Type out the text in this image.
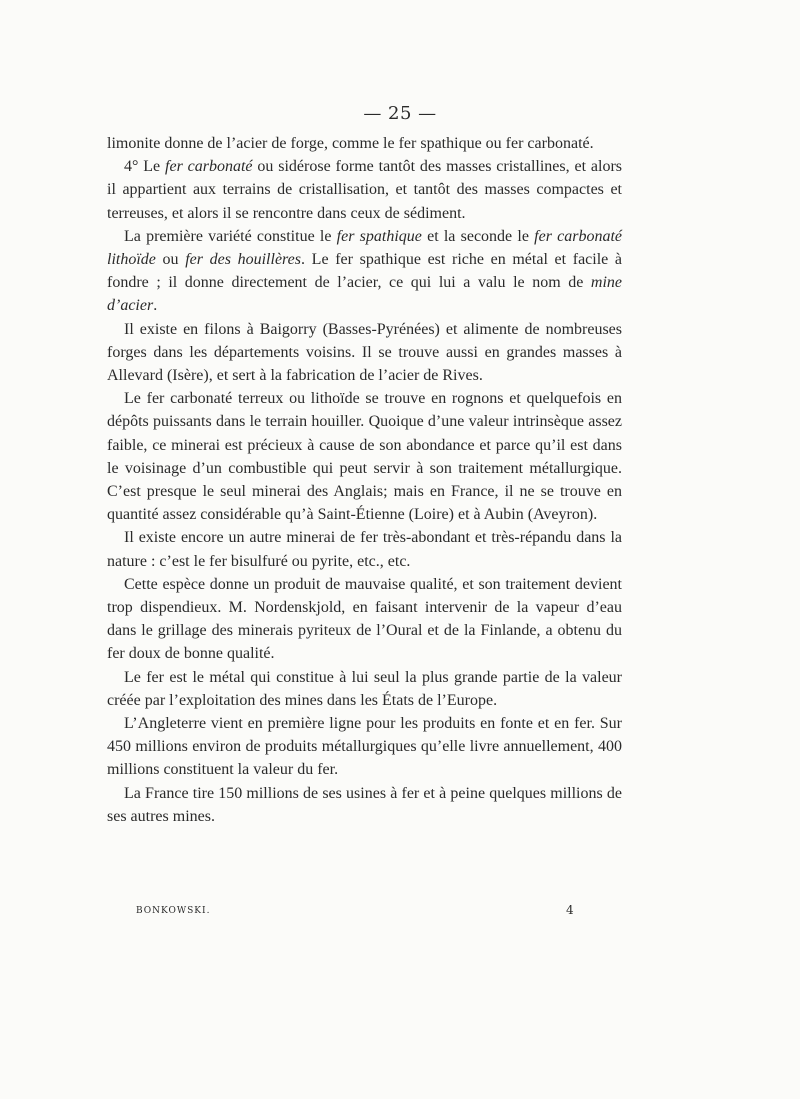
— 25 —

limonite donne de l’acier de forge, comme le fer spathique ou fer carbonaté.

4° Le fer carbonaté ou sidérose forme tantôt des masses cristallines, et alors il appartient aux terrains de cristallisation, et tantôt des masses compactes et terreuses, et alors il se rencontre dans ceux de sédiment.

La première variété constitue le fer spathique et la seconde le fer carbonaté lithoïde ou fer des houillères. Le fer spathique est riche en métal et facile à fondre ; il donne directement de l’acier, ce qui lui a valu le nom de mine d’acier.

Il existe en filons à Baigorry (Basses-Pyrénées) et alimente de nombreuses forges dans les départements voisins. Il se trouve aussi en grandes masses à Allevard (Isère), et sert à la fabrication de l’acier de Rives.

Le fer carbonaté terreux ou lithoïde se trouve en rognons et quelquefois en dépôts puissants dans le terrain houiller. Quoique d’une valeur intrinsèque assez faible, ce minerai est précieux à cause de son abondance et parce qu’il est dans le voisinage d’un combustible qui peut servir à son traitement métallurgique. C’est presque le seul minerai des Anglais; mais en France, il ne se trouve en quantité assez considérable qu’à Saint-Étienne (Loire) et à Aubin (Aveyron).

Il existe encore un autre minerai de fer très-abondant et très-répandu dans la nature : c’est le fer bisulfuré ou pyrite, etc., etc.

Cette espèce donne un produit de mauvaise qualité, et son traitement devient trop dispendieux. M. Nordenskjold, en faisant intervenir de la vapeur d’eau dans le grillage des minerais pyriteux de l’Oural et de la Finlande, a obtenu du fer doux de bonne qualité.

Le fer est le métal qui constitue à lui seul la plus grande partie de la valeur créée par l’exploitation des mines dans les États de l’Europe.

L’Angleterre vient en première ligne pour les produits en fonte et en fer. Sur 450 millions environ de produits métallurgiques qu’elle livre annuellement, 400 millions constituent la valeur du fer.

La France tire 150 millions de ses usines à fer et à peine quelques millions de ses autres mines.

BONKOWSKI.	4
